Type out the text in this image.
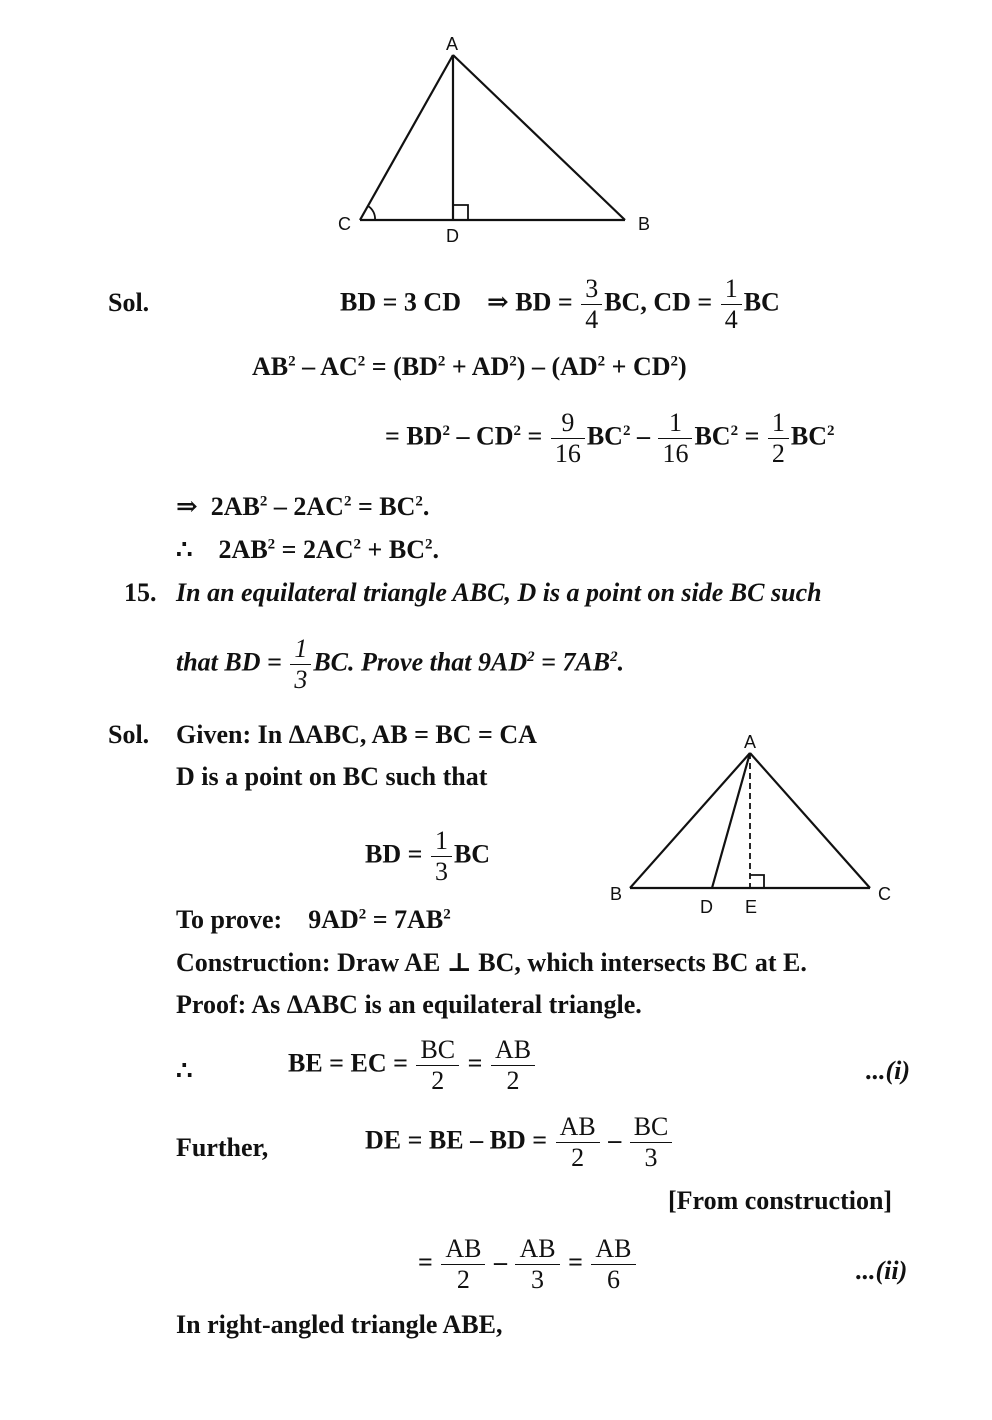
A
C
D
B
Sol.	BD = 3 CD ⇒ BD = $\frac{3}{4}$ BC, CD = $\frac{1}{4}$ BC
$AB^2 - AC^2 = (BD^2 + AD^2) - (AD^2 + CD^2)$
= $BD^2 - CD^2 = \frac{9}{16} BC^2 - \frac{1}{16} BC^2 = \frac{1}{2} BC^2$
⇒  $2AB^2 - 2AC^2 = BC^2$.
∴    $2AB^2 = 2AC^2 + BC^2$.
15. In an equilateral triangle ABC, D is a point on side BC such
that BD = $\frac{1}{3}$ BC. Prove that $9AD^2 = 7AB^2$.
Sol. Given: In ΔABC, AB = BC = CA
D is a point on BC such that
BD = $\frac{1}{3}$ BC
A
B	C
D E
To prove: $9AD^2 = 7AB^2$
Construction: Draw AE ⊥ BC, which intersects BC at E.
Proof: As ΔABC is an equilateral triangle.
∴	BE = EC = $\frac{BC}{2} = \frac{AB}{2}$	...(i)
Further,	DE = BE – BD = $\frac{AB}{2} - \frac{BC}{3}$
[From construction]
= $\frac{AB}{2} - \frac{AB}{3} = \frac{AB}{6}$	...(ii)
In right-angled triangle ABE,
